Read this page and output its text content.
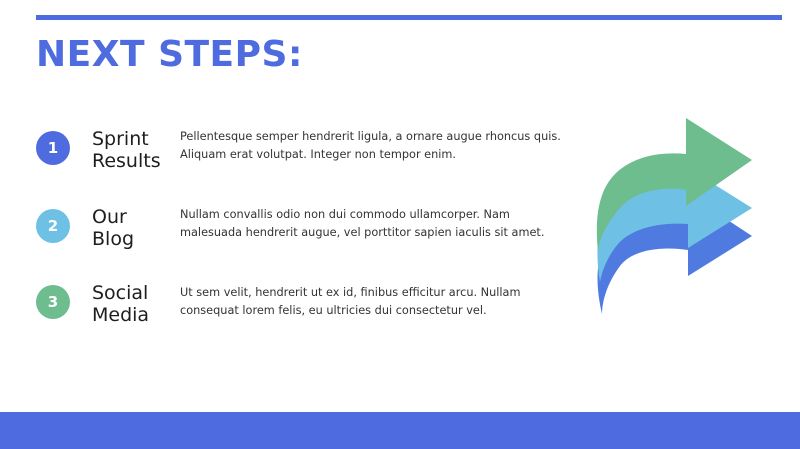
NEXT STEPS:
1	Sprint
Results
Pellentesque semper hendrerit ligula, a ornare augue rhoncus quis. Aliquam erat volutpat. Integer non tempor enim.
2	Our
Blog
Nullam convallis odio non dui commodo ullamcorper. Nam malesuada hendrerit augue, vel porttitor sapien iaculis sit amet.
3	Social
Media
Ut sem velit, hendrerit ut ex id, finibus efficitur arcu. Nullam consequat lorem felis, eu ultricies dui consectetur vel.
